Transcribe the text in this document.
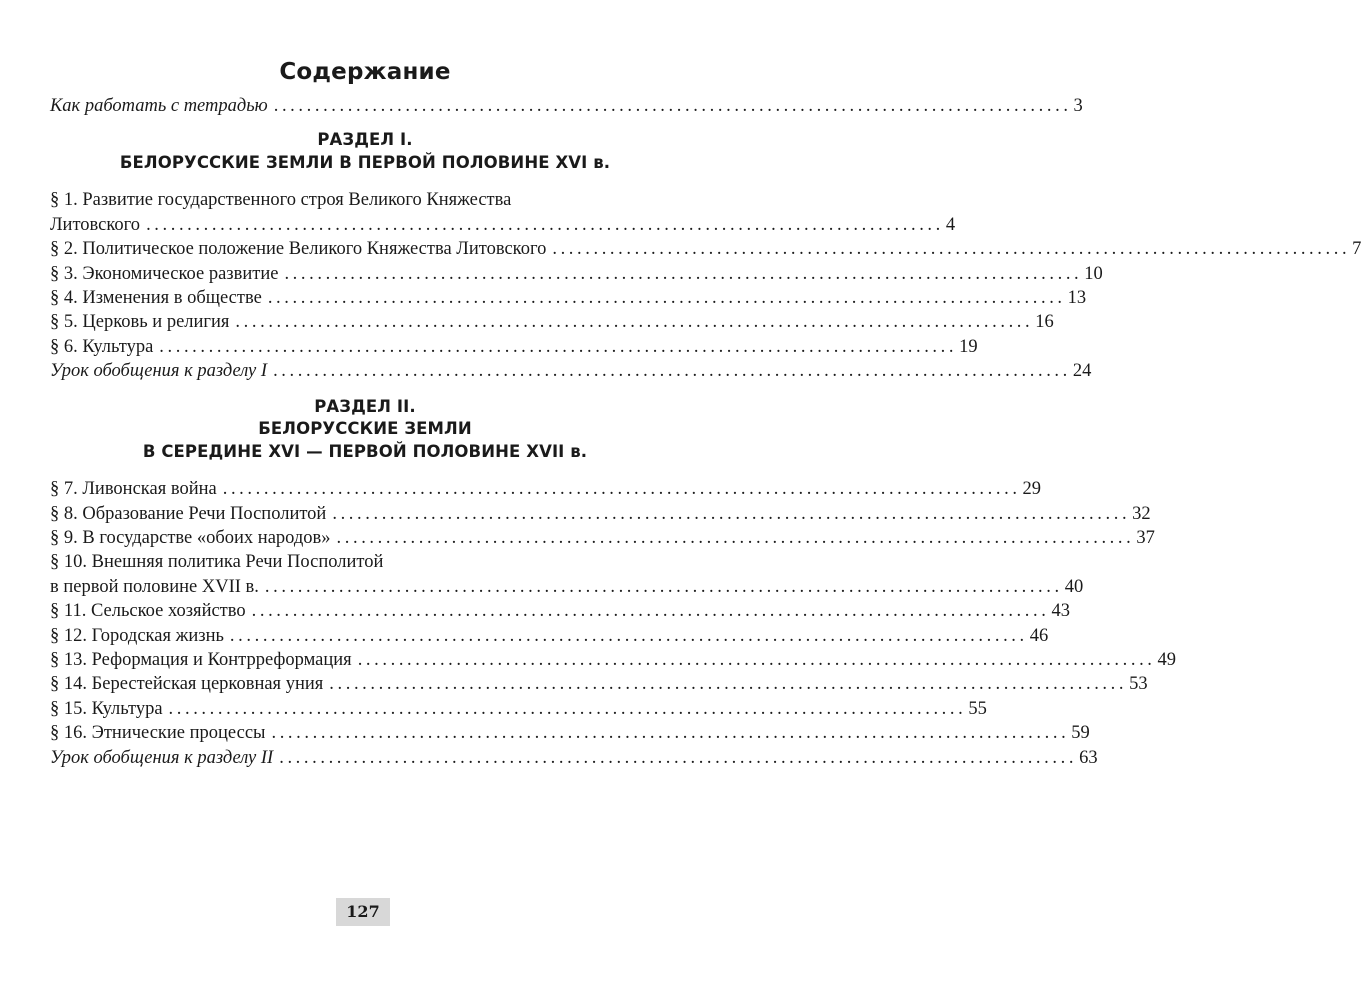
Содержание
Как работать с тетрадью ................................................................................................. 3
РАЗДЕЛ I.
БЕЛОРУССКИЕ ЗЕМЛИ В ПЕРВОЙ ПОЛОВИНЕ XVI в.
§ 1. Развитие государственного строя Великого Княжества
Литовского ................................................................................................. 4
§ 2. Политическое положение Великого Княжества Литовского ................................................................................................. 7
§ 3. Экономическое развитие ................................................................................................. 10
§ 4. Изменения в обществе ................................................................................................. 13
§ 5. Церковь и религия ................................................................................................. 16
§ 6. Культура ................................................................................................. 19
Урок обобщения к разделу I ................................................................................................. 24
РАЗДЕЛ II.
БЕЛОРУССКИЕ ЗЕМЛИ
В СЕРЕДИНЕ XVI — ПЕРВОЙ ПОЛОВИНЕ XVII в.
§ 7. Ливонская война ................................................................................................. 29
§ 8. Образование Речи Посполитой ................................................................................................. 32
§ 9. В государстве «обоих народов» ................................................................................................. 37
§ 10. Внешняя политика Речи Посполитой
в первой половине XVII в. ................................................................................................. 40
§ 11. Сельское хозяйство ................................................................................................. 43
§ 12. Городская жизнь ................................................................................................. 46
§ 13. Реформация и Контрреформация ................................................................................................. 49
§ 14. Берестейская церковная уния ................................................................................................. 53
§ 15. Культура ................................................................................................. 55
§ 16. Этнические процессы ................................................................................................. 59
Урок обобщения к разделу II ................................................................................................. 63
127
